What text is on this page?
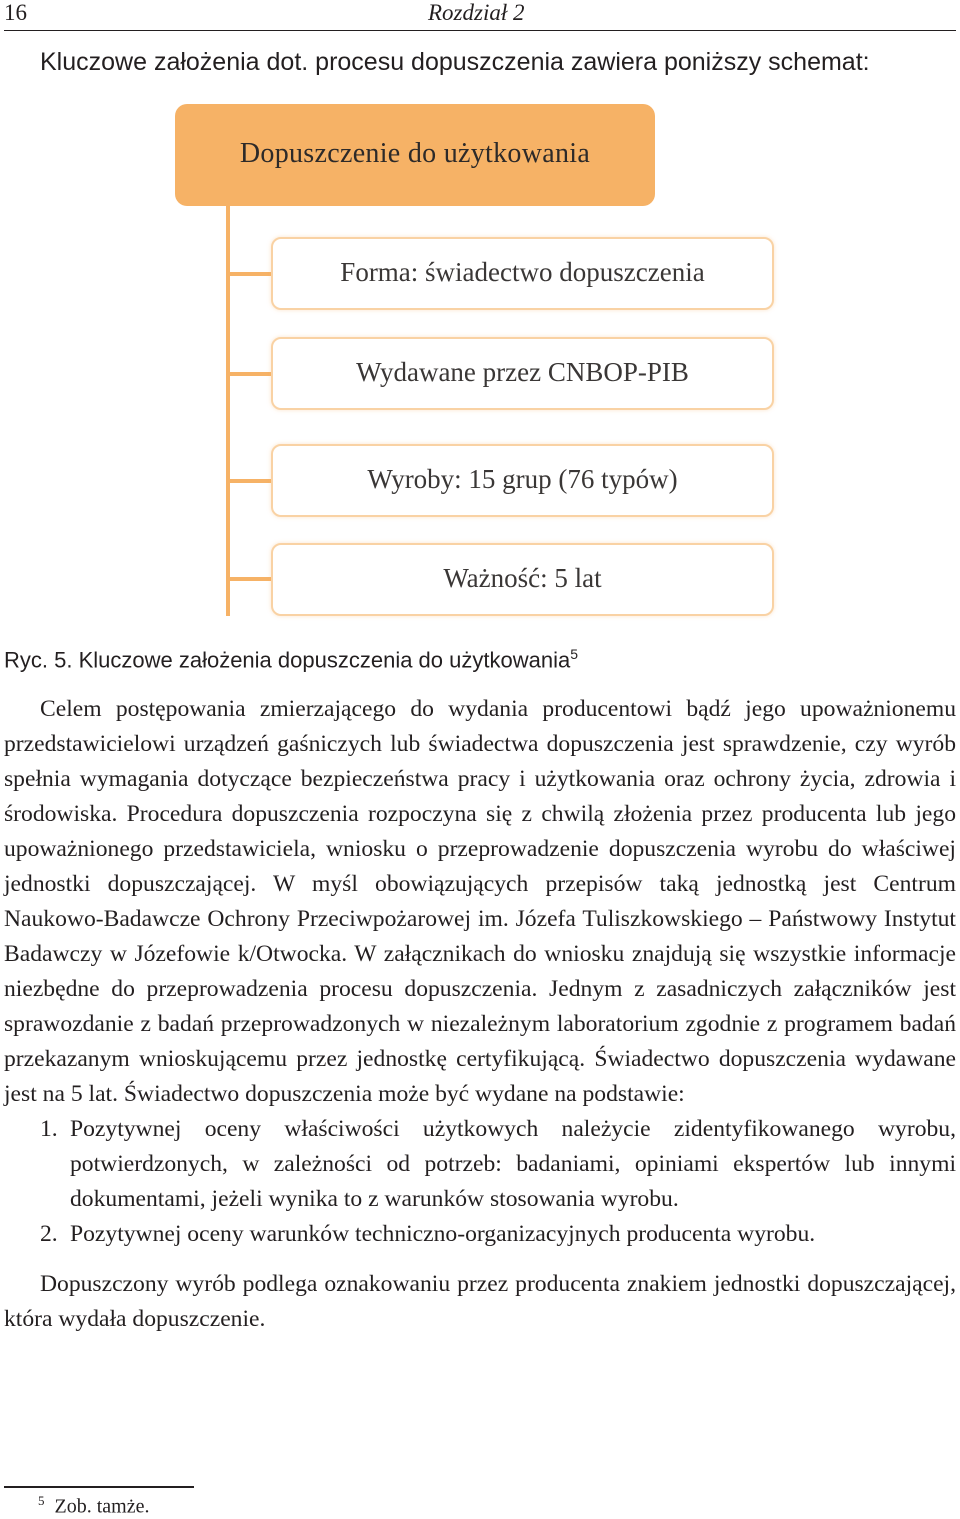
16	Rozdział 2
Kluczowe założenia dot. procesu dopuszczenia zawiera poniższy schemat:
Dopuszczenie do użytkowania
Forma: świadectwo dopuszczenia
Wydawane przez CNBOP-PIB
Wyroby: 15 grup (76 typów)
Ważność: 5 lat
Ryc. 5. Kluczowe założenia dopuszczenia do użytkowania$^5$

Celem postępowania zmierzającego do wydania producentowi bądź jego upoważnionemu przedstawicielowi urządzeń gaśniczych lub świadectwa dopuszczenia jest sprawdzenie, czy wyrób spełnia wymagania dotyczące bezpieczeństwa pracy i użytkowania oraz ochrony życia, zdrowia i środowiska. Procedura dopuszczenia rozpoczyna się z chwilą złożenia przez producenta lub jego upoważnionego przedstawiciela, wniosku o przeprowadzenie dopuszczenia wyrobu do właściwej jednostki dopuszczającej. W myśl obowiązujących przepisów taką jednostką jest Centrum Naukowo-Badawcze Ochrony Przeciwpożarowej im. Józefa Tuliszkowskiego – Państwowy Instytut Badawczy w Józefowie k/Otwocka. W załącznikach do wniosku znajdują się wszystkie informacje niezbędne do przeprowadzenia procesu dopuszczenia. Jednym z zasadniczych załączników jest sprawozdanie z badań przeprowadzonych w niezależnym laboratorium zgodnie z programem badań przekazanym wnioskującemu przez jednostkę certyfikującą. Świadectwo dopuszczenia wydawane jest na 5 lat. Świadectwo dopuszczenia może być wydane na podstawie:

1. Pozytywnej oceny właściwości użytkowych należycie zidentyfikowanego wyrobu, potwierdzonych, w zależności od potrzeb: badaniami, opiniami ekspertów lub innymi dokumentami, jeżeli wynika to z warunków stosowania wyrobu.
2. Pozytywnej oceny warunków techniczno-organizacyjnych producenta wyrobu.

Dopuszczony wyrób podlega oznakowaniu przez producenta znakiem jednostki dopuszczającej, która wydała dopuszczenie.

$^5$ Zob. tamże.
